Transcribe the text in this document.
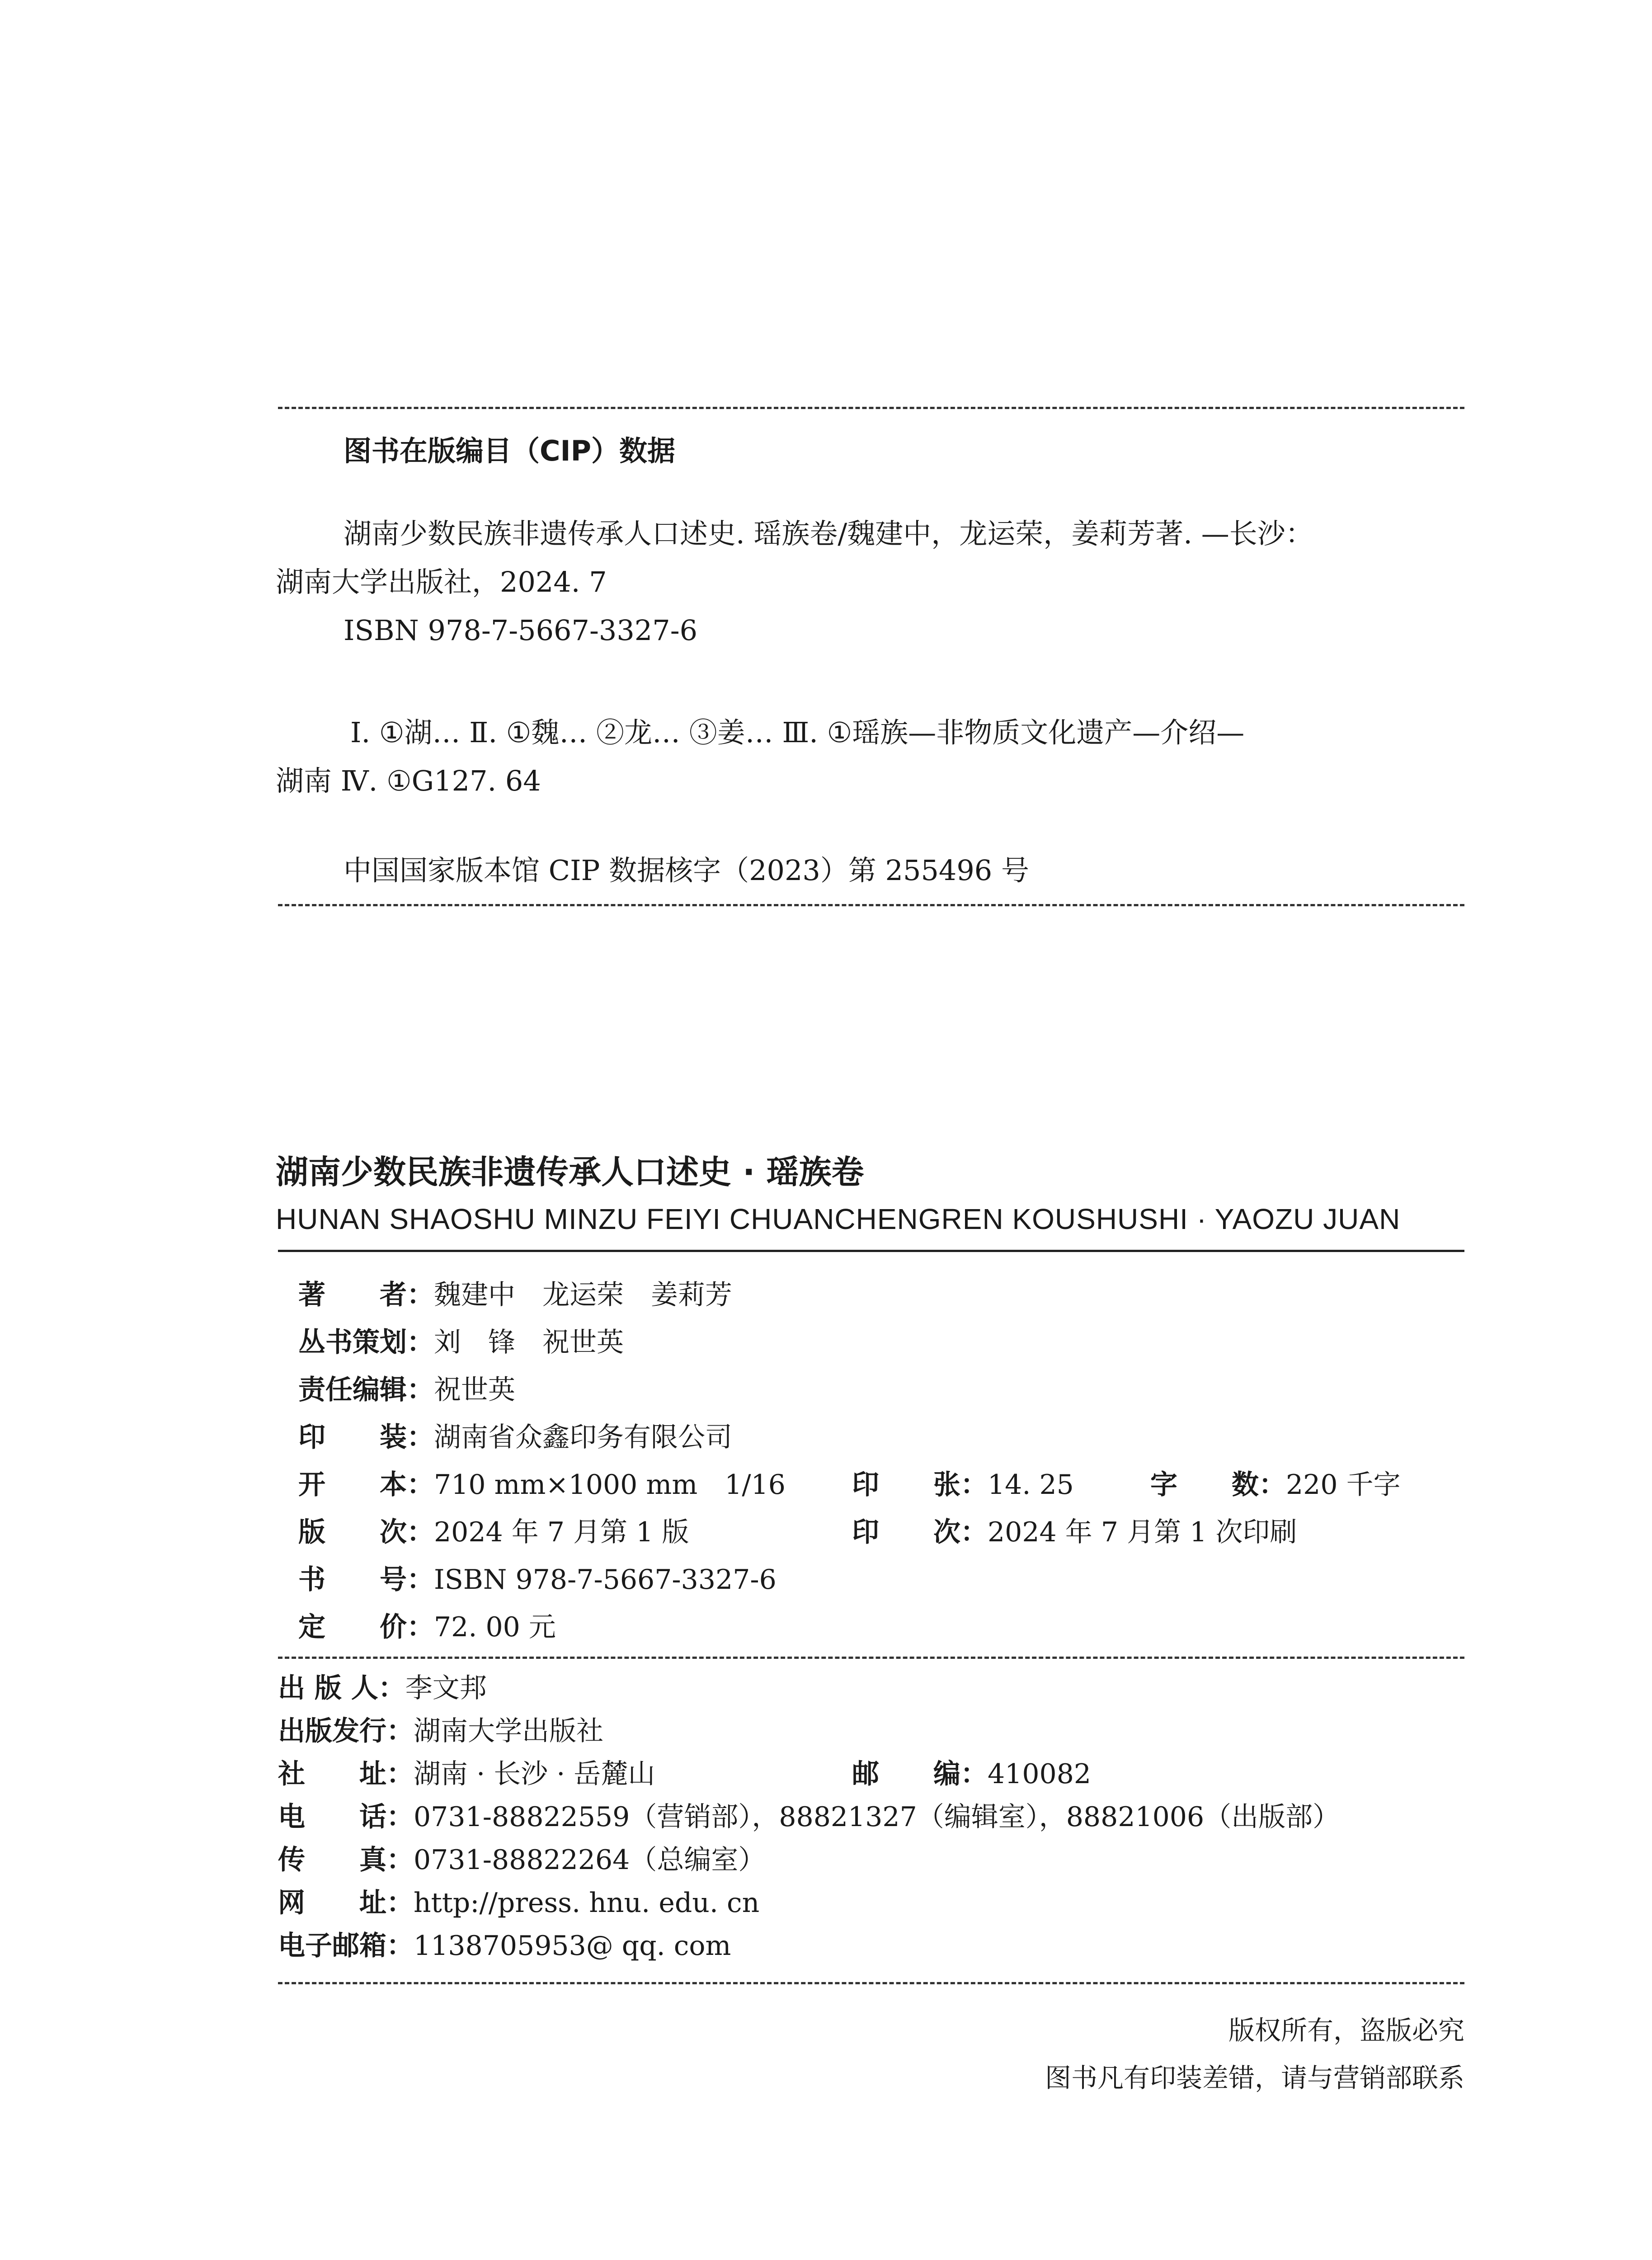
图书在版编目（CIP）数据
湖南少数民族非遗传承人口述史. 瑶族卷/魏建中，龙运荣，姜莉芳著. —长沙：
湖南大学出版社，2024. 7
ISBN 978-7-5667-3327-6
Ⅰ. ①湖… Ⅱ. ①魏… ②龙… ③姜… Ⅲ. ①瑶族—非物质文化遗产—介绍—
湖南 Ⅳ. ①G127. 64
中国国家版本馆 CIP 数据核字（2023）第 255496 号
湖南少数民族非遗传承人口述史 · 瑶族卷
HUNAN SHAOSHU MINZU FEIYI CHUANCHENGREN KOUSHUSHI · YAOZU JUAN
著　　者：魏建中　龙运荣　姜莉芳
丛书策划：刘　锋　祝世英
责任编辑：祝世英
印　　装：湖南省众鑫印务有限公司
开　　本：710 mm×1000 mm　1/16 印　　张：14. 25	字　　数：220 千字
版　　次：2024 年 7 月第 1 版	印　　次：2024 年 7 月第 1 次印刷
书　　号：ISBN 978-7-5667-3327-6
定　　价：72. 00 元
出 版 人：李文邦
出版发行：湖南大学出版社
社　　址：湖南 · 长沙 · 岳麓山	邮　　编：410082
电　　话：0731-88822559（营销部），88821327（编辑室），88821006（出版部）
传　　真：0731-88822264（总编室）
网　　址：http://press. hnu. edu. cn
电子邮箱：1138705953@ qq. com
版权所有，盗版必究
图书凡有印装差错，请与营销部联系
